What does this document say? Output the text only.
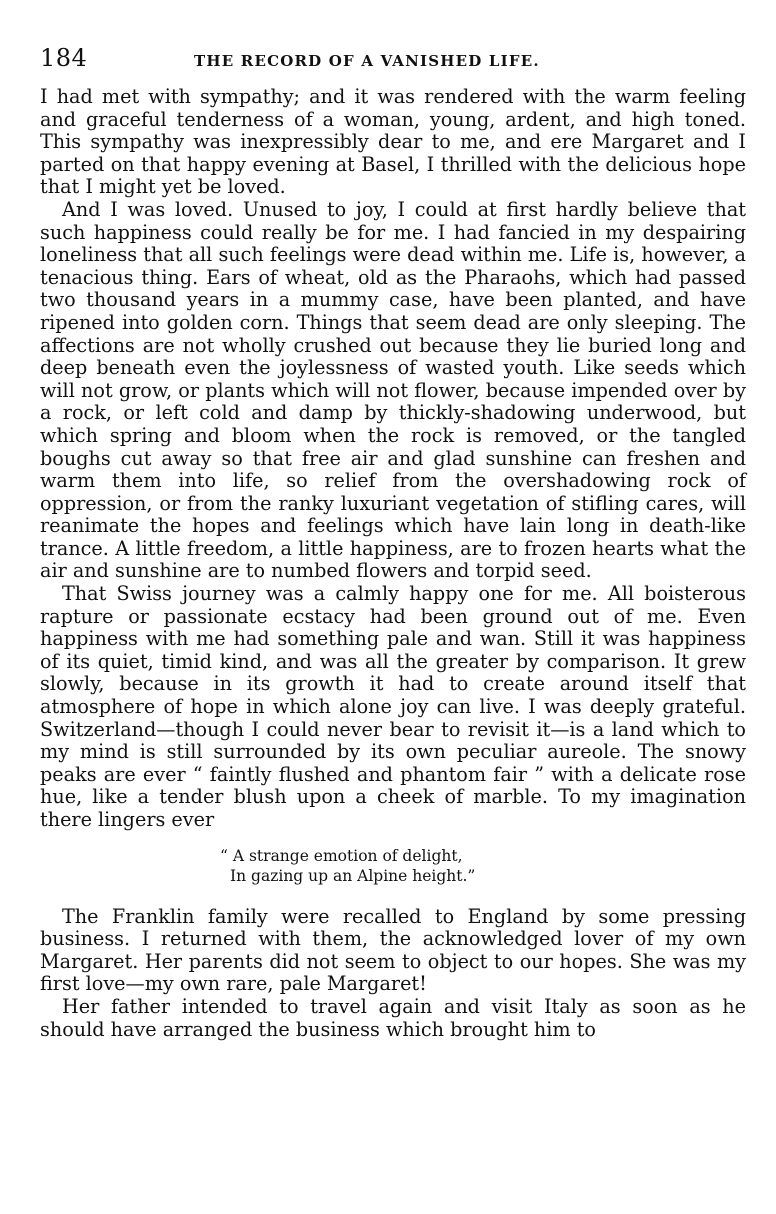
184	THE RECORD OF A VANISHED LIFE.

I had met with sympathy; and it was rendered with the warm feeling and graceful tenderness of a woman, young, ardent, and high toned. This sympathy was inexpressibly dear to me, and ere Margaret and I parted on that happy evening at Basel, I thrilled with the delicious hope that I might yet be loved.

And I was loved. Unused to joy, I could at first hardly believe that such happiness could really be for me. I had fancied in my despairing loneliness that all such feelings were dead within me. Life is, however, a tenacious thing. Ears of wheat, old as the Pharaohs, which had passed two thousand years in a mummy case, have been planted, and have ripened into golden corn. Things that seem dead are only sleeping. The affections are not wholly crushed out because they lie buried long and deep beneath even the joylessness of wasted youth. Like seeds which will not grow, or plants which will not flower, because impended over by a rock, or left cold and damp by thickly-shadowing underwood, but which spring and bloom when the rock is removed, or the tangled boughs cut away so that free air and glad sunshine can freshen and warm them into life, so relief from the overshadowing rock of oppression, or from the ranky luxuriant vegetation of stifling cares, will reanimate the hopes and feelings which have lain long in death-like trance. A little freedom, a little happiness, are to frozen hearts what the air and sunshine are to numbed flowers and torpid seed.

That Swiss journey was a calmly happy one for me. All boisterous rapture or passionate ecstacy had been ground out of me. Even happiness with me had something pale and wan. Still it was happiness of its quiet, timid kind, and was all the greater by comparison. It grew slowly, because in its growth it had to create around itself that atmosphere of hope in which alone joy can live. I was deeply grateful. Switzerland—though I could never bear to revisit it—is a land which to my mind is still surrounded by its own peculiar aureole. The snowy peaks are ever “ faintly flushed and phantom fair ” with a delicate rose hue, like a tender blush upon a cheek of marble. To my imagination there lingers ever

“ A strange emotion of delight,
In gazing up an Alpine height.”

The Franklin family were recalled to England by some pressing business. I returned with them, the acknowledged lover of my own Margaret. Her parents did not seem to object to our hopes. She was my first love—my own rare, pale Margaret!

Her father intended to travel again and visit Italy as soon as he should have arranged the business which brought him to
